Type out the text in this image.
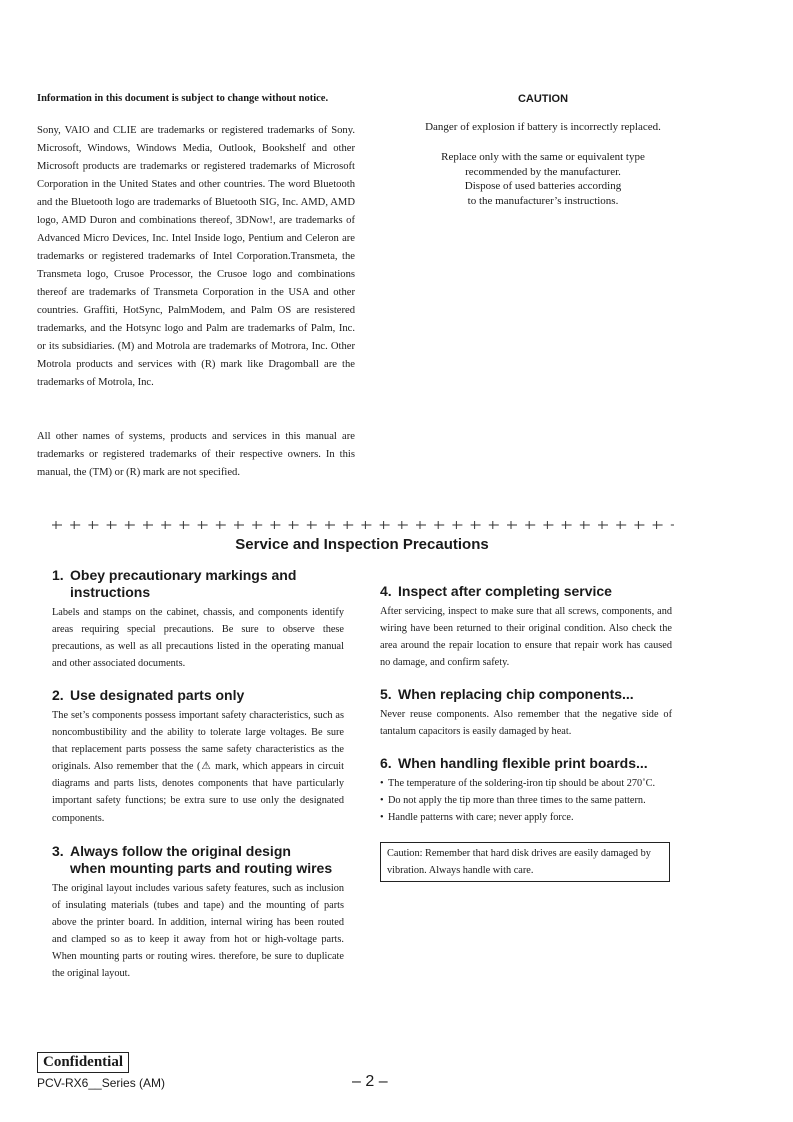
Information in this document is subject to change without notice.
Sony, VAIO and CLIE are trademarks or registered trademarks of Sony. Microsoft, Windows, Windows Media, Outlook, Bookshelf and other Microsoft products are trademarks or registered trademarks of Microsoft Corporation in the United States and other countries. The word Bluetooth and the Bluetooth logo are trademarks of Bluetooth SIG, Inc. AMD, AMD logo, AMD Duron and combinations thereof, 3DNow!, are trademarks of Advanced Micro Devices, Inc. Intel Inside logo, Pentium and Celeron are trademarks or registered trademarks of Intel Corporation.Transmeta, the Transmeta logo, Crusoe Processor, the Crusoe logo and combinations thereof are trademarks of Transmeta Corporation in the USA and other countries. Graffiti, HotSync, PalmModem, and Palm OS are resistered trademarks, and the Hotsync logo and Palm are trademarks of Palm, Inc. or its subsidiaries. (M) and Motrola are trademarks of Motrora, Inc. Other Motrola products and services with (R) mark like Dragomball are the trademarks of Motrola, Inc.
All other names of systems, products and services in this manual are trademarks or registered trademarks of their respective owners. In this manual, the (TM) or (R) mark are not specified.
CAUTION
Danger of explosion if battery is incorrectly replaced.
Replace only with the same or equivalent type
recommended by the manufacturer.
Dispose of used batteries according
to the manufacturer’s instructions.
Service and Inspection Precautions
1. Obey precautionary markings and
instructions

Labels and stamps on the cabinet, chassis, and components identify areas requiring special precautions. Be sure to observe these precautions, as well as all precautions listed in the operating manual and other associated documents.

2. Use designated parts only

The set’s components possess important safety characteristics, such as noncombustibility and the ability to tolerate large voltages. Be sure that replacement parts possess the same safety characteristics as the originals. Also remember that the (⚠ mark, which appears in circuit diagrams and parts lists, denotes components that have particularly important safety functions; be extra sure to use only the designated components.

3. Always follow the original design
when mounting parts and routing wires

The original layout includes various safety features, such as inclusion of insulating materials (tubes and tape) and the mounting of parts above the printer board. In addition, internal wiring has been routed and clamped so as to keep it away from hot or high-voltage parts. When mounting parts or routing wires. therefore, be sure to duplicate the original layout.

4. Inspect after completing service

After servicing, inspect to make sure that all screws, components, and wiring have been returned to their original condition. Also check the area around the repair location to ensure that repair work has caused no damage, and confirm safety.

5. When replacing chip components...

Never reuse components. Also remember that the negative side of tantalum capacitors is easily damaged by heat.

6. When handling flexible print boards...
• The temperature of the soldering-iron tip should be about 270˚C.
• Do not apply the tip more than three times to the same pattern.
• Handle patterns with care; never apply force.
Caution: Remember that hard disk drives are easily damaged by vibration. Always handle with care.
Confidential
PCV-RX6__Series (AM)	– 2 –
